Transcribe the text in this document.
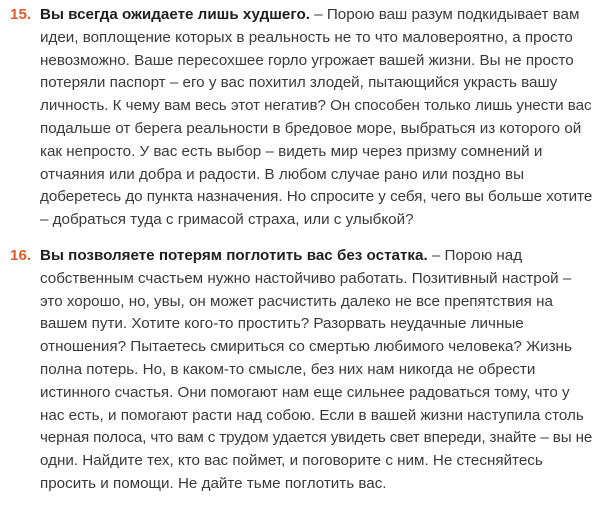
15. Вы всегда ожидаете лишь худшего. – Порою ваш разум подкидывает вам
идеи, воплощение которых в реальность не то что маловероятно, а просто
невозможно. Ваше пересохшее горло угрожает вашей жизни. Вы не просто
потеряли паспорт – его у вас похитил злодей, пытающийся украсть вашу
личность. К чему вам весь этот негатив? Он способен только лишь унести вас
подальше от берега реальности в бредовое море, выбраться из которого ой
как непросто. У вас есть выбор – видеть мир через призму сомнений и
отчаяния или добра и радости. В любом случае рано или поздно вы
доберетесь до пункта назначения. Но спросите у себя, чего вы больше хотите
– добраться туда с гримасой страха, или с улыбкой?
16. Вы позволяете потерям поглотить вас без остатка. – Порою над
собственным счастьем нужно настойчиво работать. Позитивный настрой –
это хорошо, но, увы, он может расчистить далеко не все препятствия на
вашем пути. Хотите кого-то простить? Разорвать неудачные личные
отношения? Пытаетесь смириться со смертью любимого человека? Жизнь
полна потерь. Но, в каком-то смысле, без них нам никогда не обрести
истинного счастья. Они помогают нам еще сильнее радоваться тому, что у
нас есть, и помогают расти над собою. Если в вашей жизни наступила столь
черная полоса, что вам с трудом удается увидеть свет впереди, знайте – вы не
одни. Найдите тех, кто вас поймет, и поговорите с ним. Не стесняйтесь
просить и помощи. Не дайте тьме поглотить вас.
